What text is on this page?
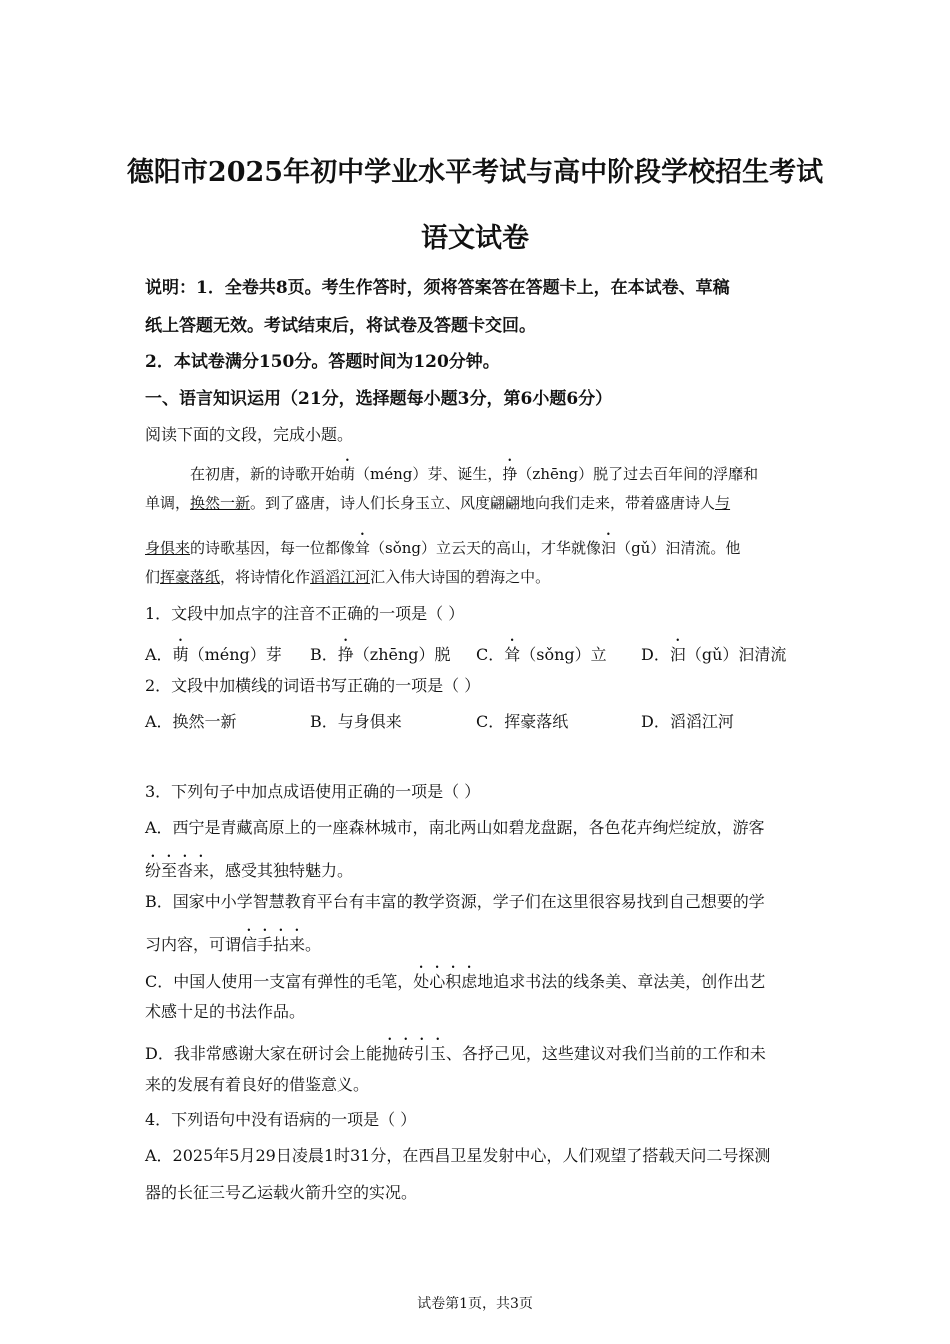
德阳市2025年初中学业水平考试与高中阶段学校招生考试
语文试卷
说明：1．全卷共8页。考生作答时，须将答案答在答题卡上，在本试卷、草稿
纸上答题无效。考试结束后，将试卷及答题卡交回。
2．本试卷满分150分。答题时间为120分钟。
一、语言知识运用（21分，选择题每小题3分，第6小题6分）
阅读下面的文段，完成小题。
在初唐，新的诗歌开始萌（méng）芽、诞生，挣（zhēng）脱了过去百年间的浮靡和
单调，换然一新。到了盛唐，诗人们长身玉立、风度翩翩地向我们走来，带着盛唐诗人与
身俱来的诗歌基因，每一位都像耸（sǒng）立云天的高山，才华就像汩（gǔ）汩清流。他
们挥豪落纸，将诗情化作滔滔江河汇入伟大诗国的碧海之中。
1．文段中加点字的注音不正确的一项是（ ）
A．萌（méng）芽 B．挣（zhēng）脱 C．耸（sǒng）立 D．汩（gǔ）汩清流
2．文段中加横线的词语书写正确的一项是（ ）
A．换然一新	B．与身俱来	C．挥豪落纸	D．滔滔江河
3．下列句子中加点成语使用正确的一项是（ ）
A．西宁是青藏高原上的一座森林城市，南北两山如碧龙盘踞，各色花卉绚烂绽放，游客
纷至沓来，感受其独特魅力。
B．国家中小学智慧教育平台有丰富的教学资源，学子们在这里很容易找到自己想要的学
习内容，可谓信手拈来。
C．中国人使用一支富有弹性的毛笔，处心积虑地追求书法的线条美、章法美，创作出艺
术感十足的书法作品。
D．我非常感谢大家在研讨会上能抛砖引玉、各抒己见，这些建议对我们当前的工作和未
来的发展有着良好的借鉴意义。
4．下列语句中没有语病的一项是（ ）
A．2025年5月29日凌晨1时31分，在西昌卫星发射中心，人们观望了搭载天问二号探测
器的长征三号乙运载火箭升空的实况。
试卷第1页，共3页
